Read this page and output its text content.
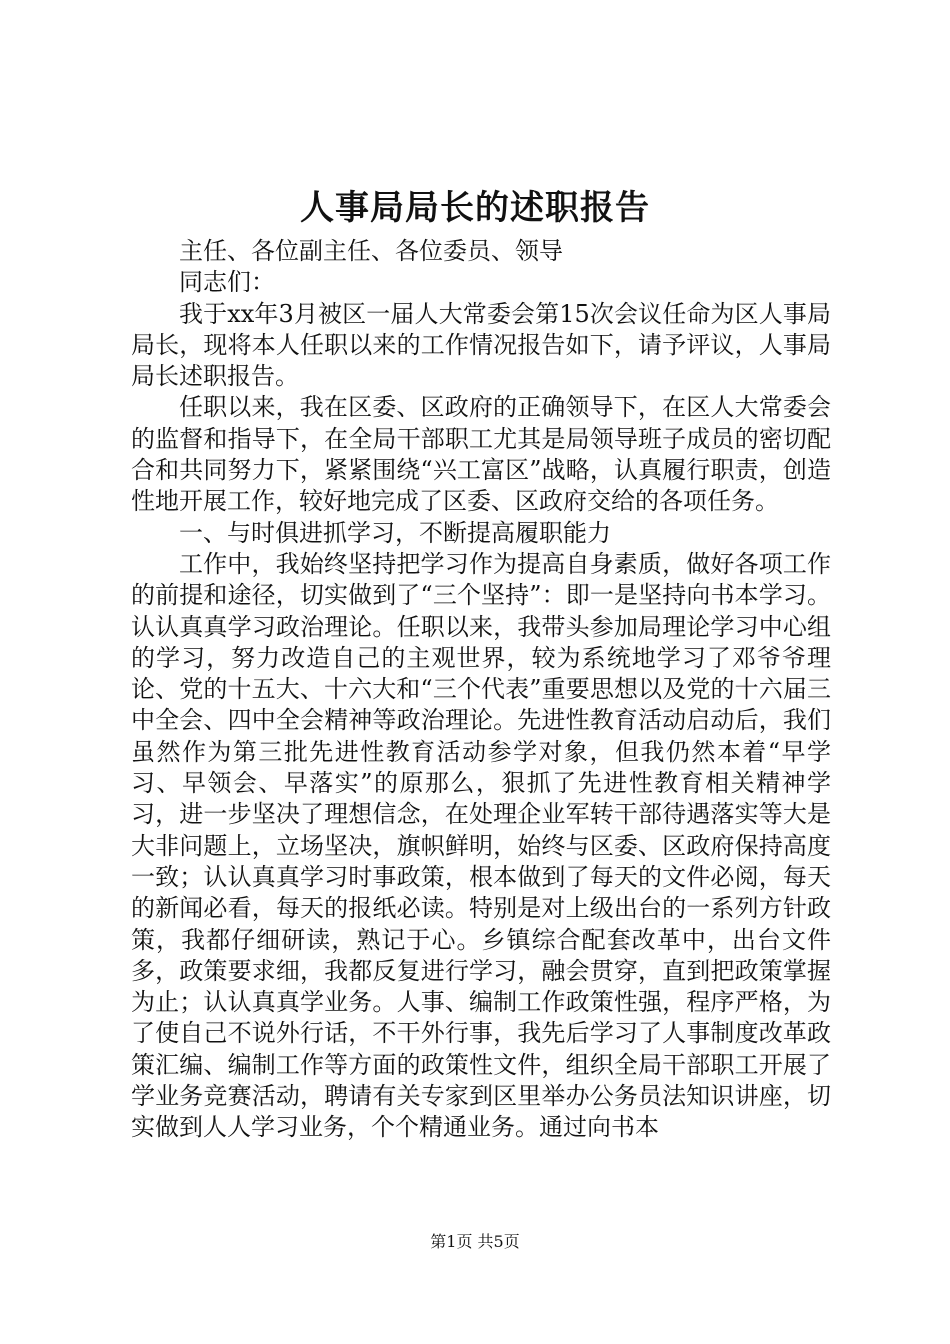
人事局局长的述职报告

主任、各位副主任、各位委员、领导

同志们：

我于xx年3月被区一届人大常委会第15次会议任命为区人事局局长，现将本人任职以来的工作情况报告如下，请予评议，人事局局长述职报告。

任职以来，我在区委、区政府的正确领导下，在区人大常委会的监督和指导下，在全局干部职工尤其是局领导班子成员的密切配合和共同努力下，紧紧围绕“兴工富区”战略，认真履行职责，创造性地开展工作，较好地完成了区委、区政府交给的各项任务。

一、与时俱进抓学习，不断提高履职能力

工作中，我始终坚持把学习作为提高自身素质，做好各项工作的前提和途径，切实做到了“三个坚持”：即一是坚持向书本学习。认认真真学习政治理论。任职以来，我带头参加局理论学习中心组的学习，努力改造自己的主观世界，较为系统地学习了邓爷爷理论、党的十五大、十六大和“三个代表”重要思想以及党的十六届三中全会、四中全会精神等政治理论。先进性教育活动启动后，我们虽然作为第三批先进性教育活动参学对象，但我仍然本着“早学习、早领会、早落实”的原那么，狠抓了先进性教育相关精神学习，进一步坚决了理想信念，在处理企业军转干部待遇落实等大是大非问题上，立场坚决，旗帜鲜明，始终与区委、区政府保持高度一致；认认真真学习时事政策，根本做到了每天的文件必阅，每天的新闻必看，每天的报纸必读。特别是对上级出台的一系列方针政策，我都仔细研读，熟记于心。乡镇综合配套改革中，出台文件多，政策要求细，我都反复进行学习，融会贯穿，直到把政策掌握为止；认认真真学业务。人事、编制工作政策性强，程序严格，为了使自己不说外行话，不干外行事，我先后学习了人事制度改革政策汇编、编制工作等方面的政策性文件，组织全局干部职工开展了学业务竞赛活动，聘请有关专家到区里举办公务员法知识讲座，切实做到人人学习业务，个个精通业务。通过向书本

第1页 共5页
